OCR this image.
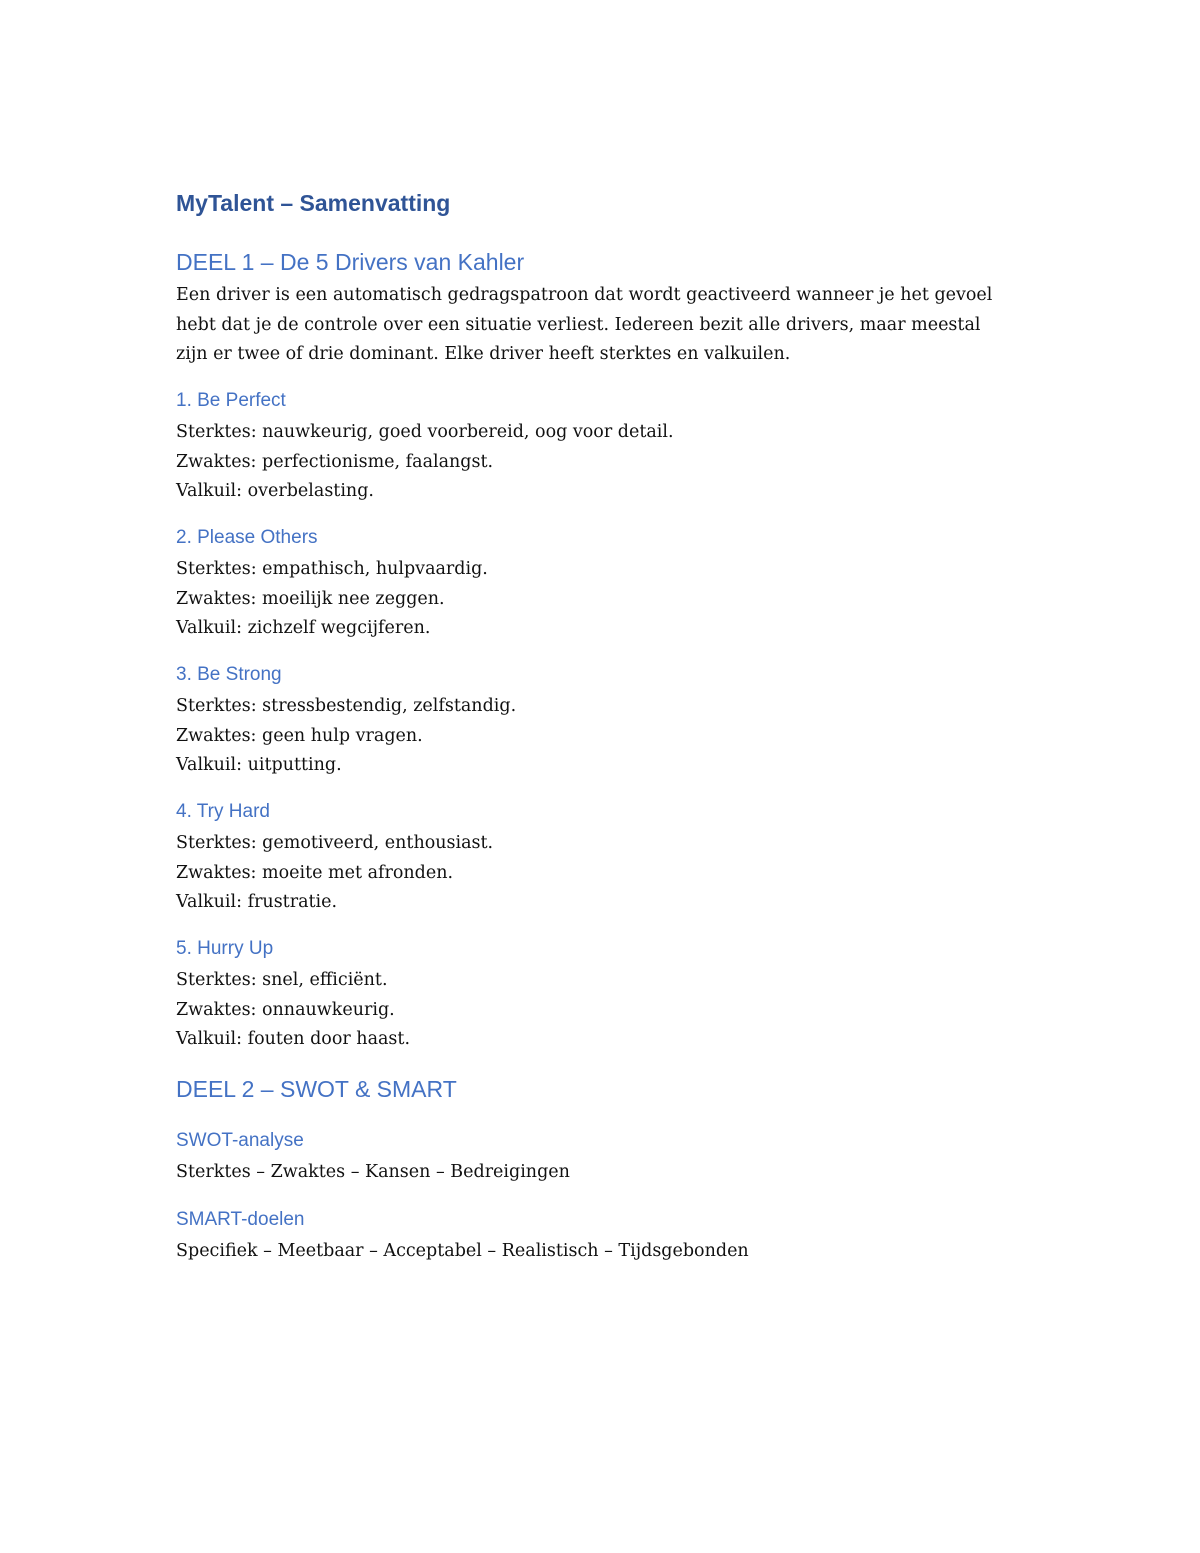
MyTalent – Samenvatting
DEEL 1 – De 5 Drivers van Kahler

Een driver is een automatisch gedragspatroon dat wordt geactiveerd wanneer je het gevoel
hebt dat je de controle over een situatie verliest. Iedereen bezit alle drivers, maar meestal
zijn er twee of drie dominant. Elke driver heeft sterktes en valkuilen.

1. Be Perfect

Sterktes: nauwkeurig, goed voorbereid, oog voor detail.
Zwaktes: perfectionisme, faalangst.
Valkuil: overbelasting.

2. Please Others

Sterktes: empathisch, hulpvaardig.
Zwaktes: moeilijk nee zeggen.
Valkuil: zichzelf wegcijferen.

3. Be Strong

Sterktes: stressbestendig, zelfstandig.
Zwaktes: geen hulp vragen.
Valkuil: uitputting.

4. Try Hard

Sterktes: gemotiveerd, enthousiast.
Zwaktes: moeite met afronden.
Valkuil: frustratie.

5. Hurry Up

Sterktes: snel, efficiënt.
Zwaktes: onnauwkeurig.
Valkuil: fouten door haast.

DEEL 2 – SWOT & SMART
SWOT-analyse

Sterktes – Zwaktes – Kansen – Bedreigingen

SMART-doelen

Specifiek – Meetbaar – Acceptabel – Realistisch – Tijdsgebonden
